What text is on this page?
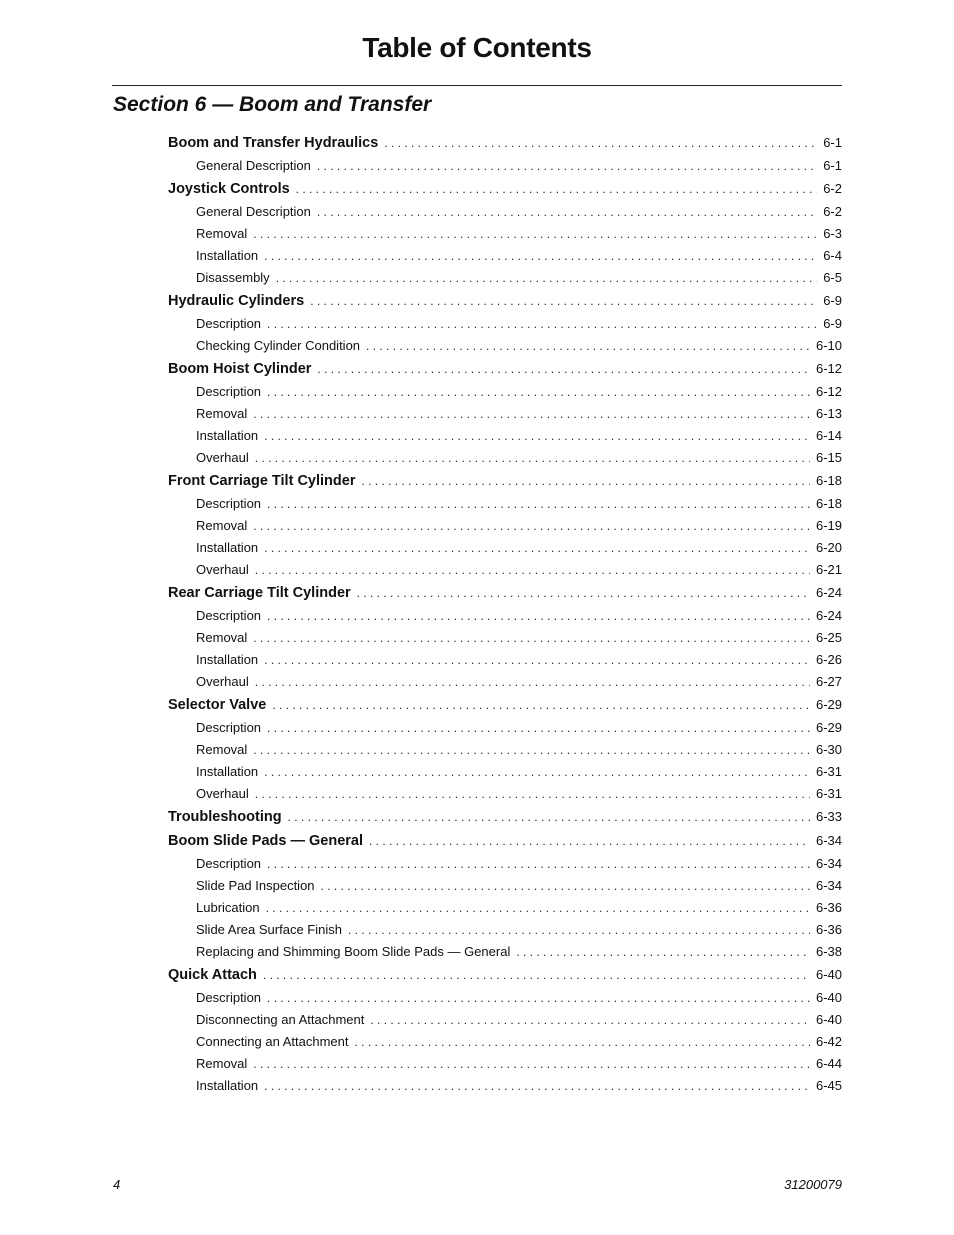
Table of Contents
Section 6 — Boom and Transfer
Boom and Transfer Hydraulics . . .	6-1
General Description . . .	6-1
Joystick Controls . . .	6-2
General Description . . .	6-2
Removal . . .	6-3
Installation . . .	6-4
Disassembly . . .	6-5
Hydraulic Cylinders . . .	6-9
Description . . .	6-9
Checking Cylinder Condition . . .	6-10
Boom Hoist Cylinder . . .	6-12
Description . . .	6-12
Removal . . .	6-13
Installation . . .	6-14
Overhaul . . .	6-15
Front Carriage Tilt Cylinder . . .	6-18
Description . . .	6-18
Removal . . .	6-19
Installation . . .	6-20
Overhaul . . .	6-21
Rear Carriage Tilt Cylinder . . .	6-24
Description . . .	6-24
Removal . . .	6-25
Installation . . .	6-26
Overhaul . . .	6-27
Selector Valve . . .	6-29
Description . . .	6-29
Removal . . .	6-30
Installation . . .	6-31
Overhaul . . .	6-31
Troubleshooting . . .	6-33
Boom Slide Pads — General . . .	6-34
Description . . .	6-34
Slide Pad Inspection . . .	6-34
Lubrication . . .	6-36
Slide Area Surface Finish . . .	6-36
Replacing and Shimming Boom Slide Pads — General . . .	6-38
Quick Attach . . .	6-40
Description . . .	6-40
Disconnecting an Attachment . . .	6-40
Connecting an Attachment . . .	6-42
Removal . . .	6-44
Installation . . .	6-45
4	31200079
